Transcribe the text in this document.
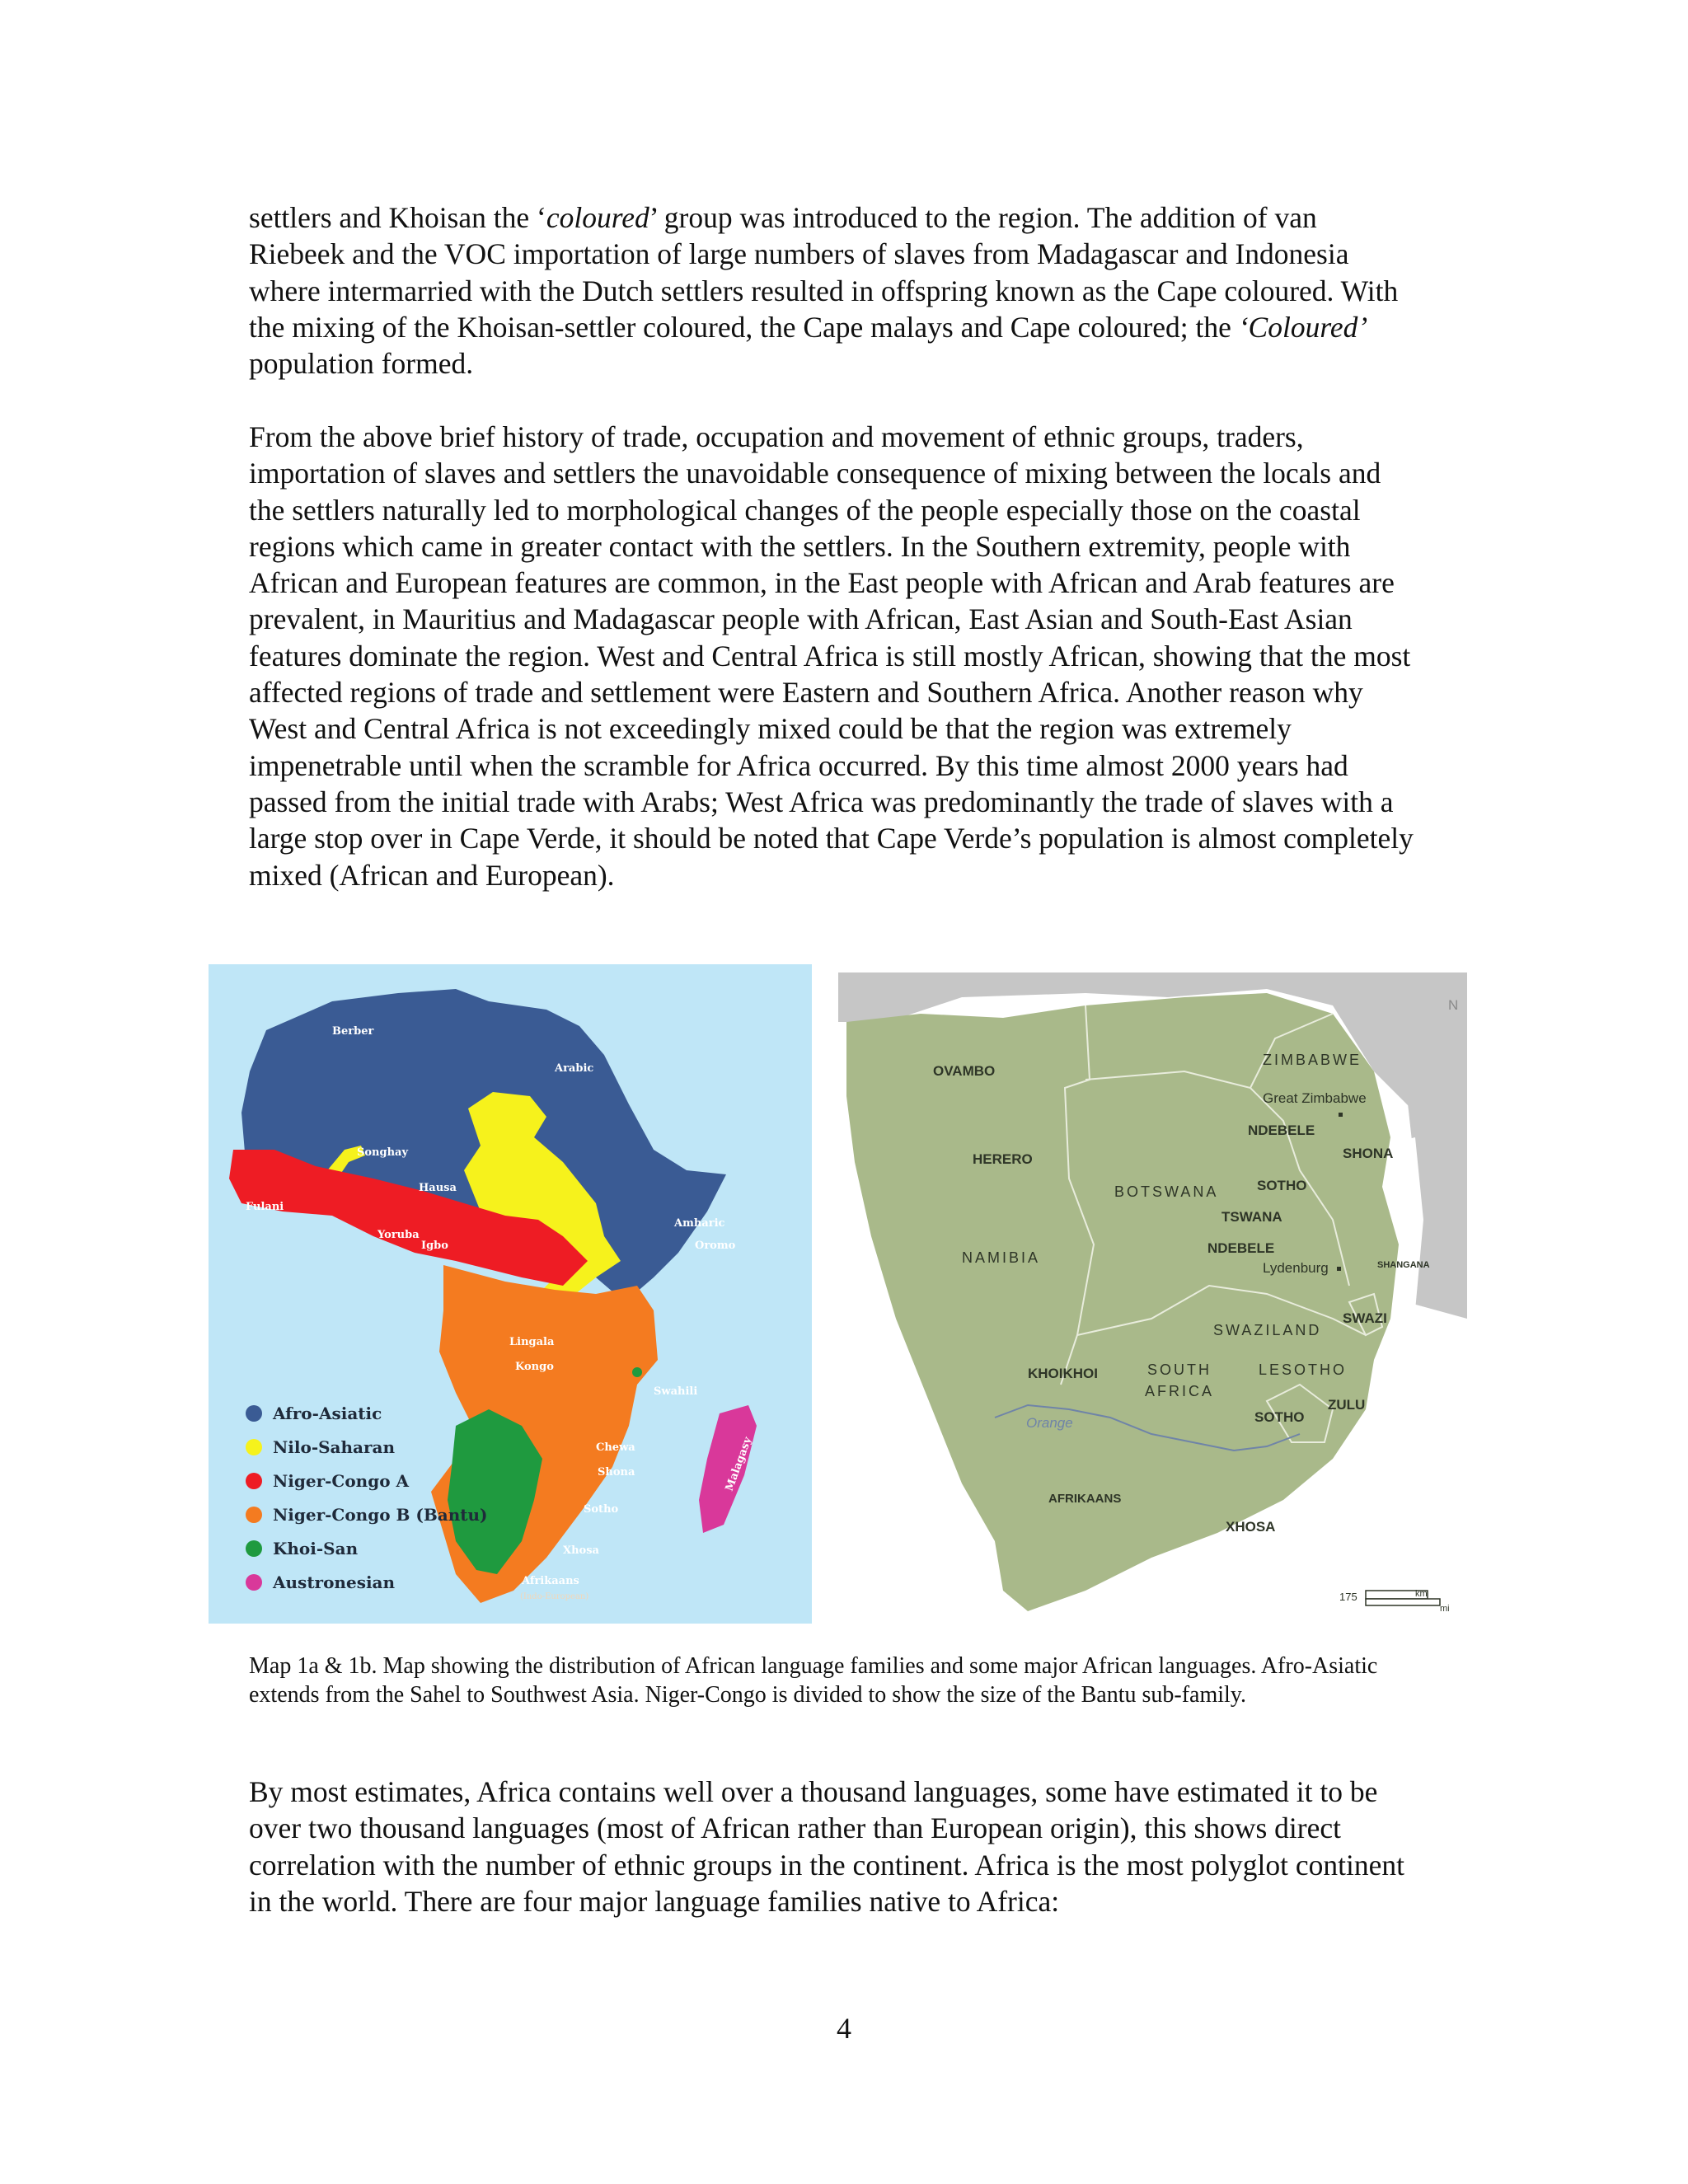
settlers and Khoisan the ‘coloured’ group was introduced to the region. The addition of van Riebeek and the VOC importation of large numbers of slaves from Madagascar and Indonesia where intermarried with the Dutch settlers resulted in offspring known as the Cape coloured. With the mixing of the Khoisan-settler coloured, the Cape malays and Cape coloured; the ‘Coloured’ population formed.

From the above brief history of trade, occupation and movement of ethnic groups, traders, importation of slaves and settlers the unavoidable consequence of mixing between the locals and the settlers naturally led to morphological changes of the people especially those on the coastal regions which came in greater contact with the settlers. In the Southern extremity, people with African and European features are common, in the East people with African and Arab features are prevalent, in Mauritius and Madagascar people with African, East Asian and South-East Asian features dominate the region. West and Central Africa is still mostly African, showing that the most affected regions of trade and settlement were Eastern and Southern Africa. Another reason why West and Central Africa is not exceedingly mixed could be that the region was extremely impenetrable until when the scramble for Africa occurred. By this time almost 2000 years had passed from the initial trade with Arabs; West Africa was predominantly the trade of slaves with a large stop over in Cape Verde, it should be noted that Cape Verde’s population is almost completely mixed (African and European).

Berber
Arabic
Songhay
Hausa
Fulani
Yoruba
Igbo
Amharic
Oromo
Lingala
Kongo
Swahili
Chewa
Shona
Sotho
Xhosa
Afrikaans
(Indo-European)
Malagasy
Afro-Asiatic
Nilo-Saharan
Niger-Congo A
Niger-Congo B (Bantu)
Khoi-San
Austronesian
N
ZIMBABWE
Great Zimbabwe
OVAMBO
NDEBELE
SHONA
HERERO
BOTSWANA	SOTHO
TSWANA
NAMIBIA
NDEBELE
Lydenburg	SHANGANA
SWAZILAND
SWAZI
KHOIKHOI	SOUTH
AFRICA
LESOTHO
Orange	SOTHO
ZULU
AFRIKAANS
XHOSA
175	km
mi

Map 1a & 1b. Map showing the distribution of African language families and some major African languages. Afro-Asiatic extends from the Sahel to Southwest Asia. Niger-Congo is divided to show the size of the Bantu sub-family.

By most estimates, Africa contains well over a thousand languages, some have estimated it to be over two thousand languages (most of African rather than European origin), this shows direct correlation with the number of ethnic groups in the continent. Africa is the most polyglot continent in the world. There are four major language families native to Africa:

4
